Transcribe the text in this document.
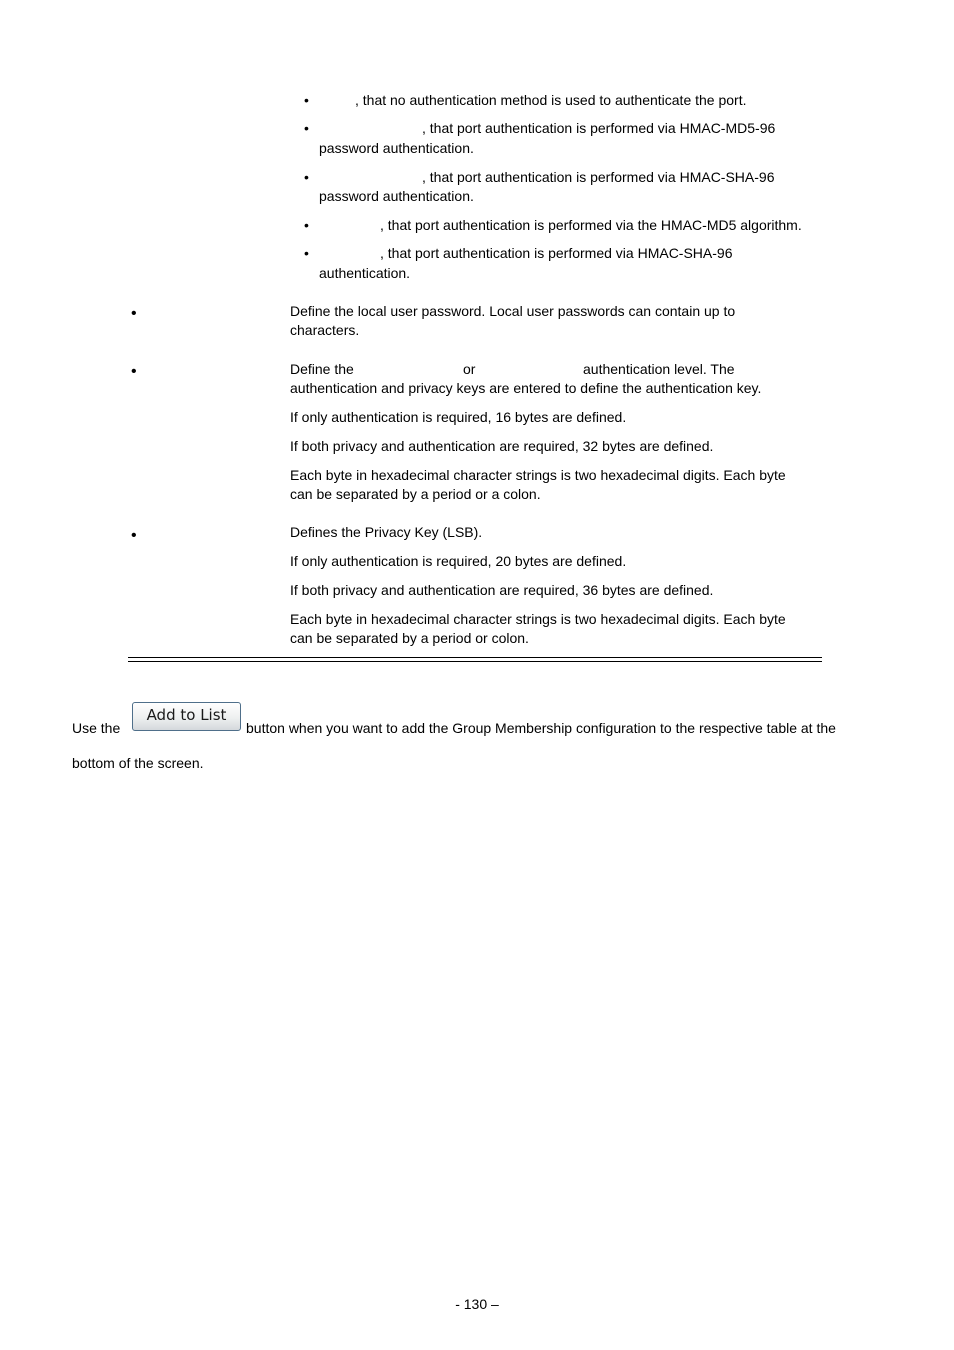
•	, that no authentication method is used to authenticate the port.
•	, that port authentication is performed via HMAC-MD5-96
password authentication.
•	, that port authentication is performed via HMAC-SHA-96
password authentication.
•	, that port authentication is performed via the HMAC-MD5 algorithm.
•	, that port authentication is performed via HMAC-SHA-96
authentication.
•	Define the local user password. Local user passwords can contain up to
characters.
•	Define the	or	authentication level. The
authentication and privacy keys are entered to define the authentication key.
If only authentication is required, 16 bytes are defined.
If both privacy and authentication are required, 32 bytes are defined.
Each byte in hexadecimal character strings is two hexadecimal digits. Each byte
can be separated by a period or a colon.
•	Defines the Privacy Key (LSB).
If only authentication is required, 20 bytes are defined.
If both privacy and authentication are required, 36 bytes are defined.
Each byte in hexadecimal character strings is two hexadecimal digits. Each byte
can be separated by a period or colon.
Use the
Add to List
button when you want to add the Group Membership configuration to the respective table at the
bottom of the screen.
- 130 –
